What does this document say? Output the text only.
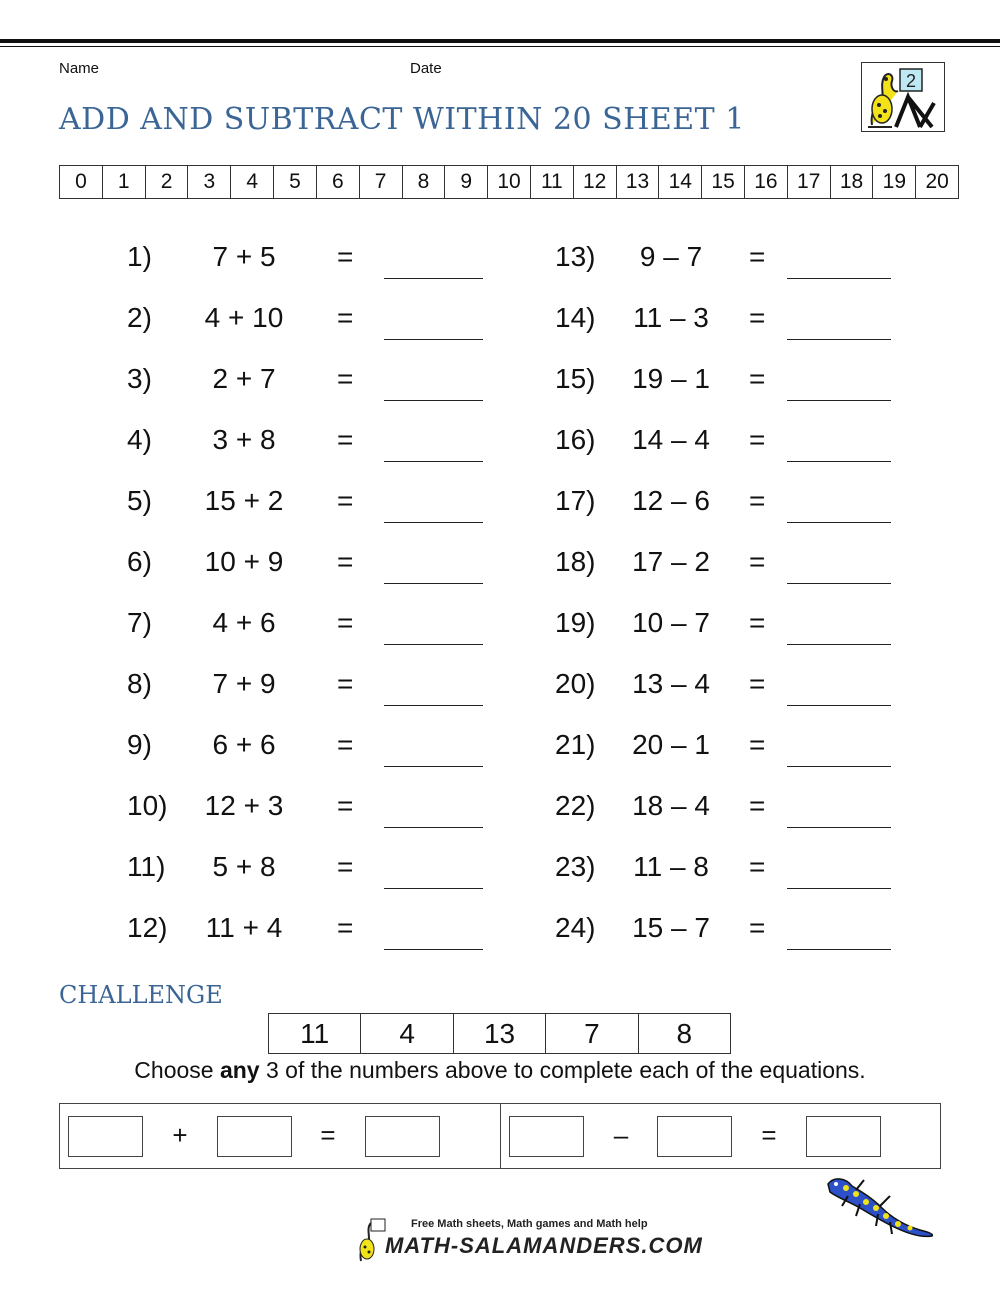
Name	Date
ADD AND SUBTRACT WITHIN 20 SHEET 1
2
0	1	2	3	4	5	6	7	8	9	10 11 12 13 14 15 16 17 18 19 20
1)	7 + 5	=
2)	4 + 10	=
3)	2 + 7	=
4)	3 + 8	=
5)	15 + 2	=
6)	10 + 9	=
7)	4 + 6	=
8)	7 + 9	=
9)	6 + 6	=
10)	12 + 3	=
11)	5 + 8	=
12)	11 + 4	=
13)	9 – 7	=
14)	11 – 3	=
15)	19 – 1	=
16)	14 – 4	=
17)	12 – 6	=
18)	17 – 2	=
19)	10 – 7	=
20)	13 – 4	=
21)	20 – 1	=
22)	18 – 4	=
23)	11 – 8	=
24)	15 – 7	=
CHALLENGE
11	4	13	7	8
Choose any 3 of the numbers above to complete each of the equations.
+	=	–	=
Free Math sheets, Math games and Math help
MATH-SALAMANDERS.COM
